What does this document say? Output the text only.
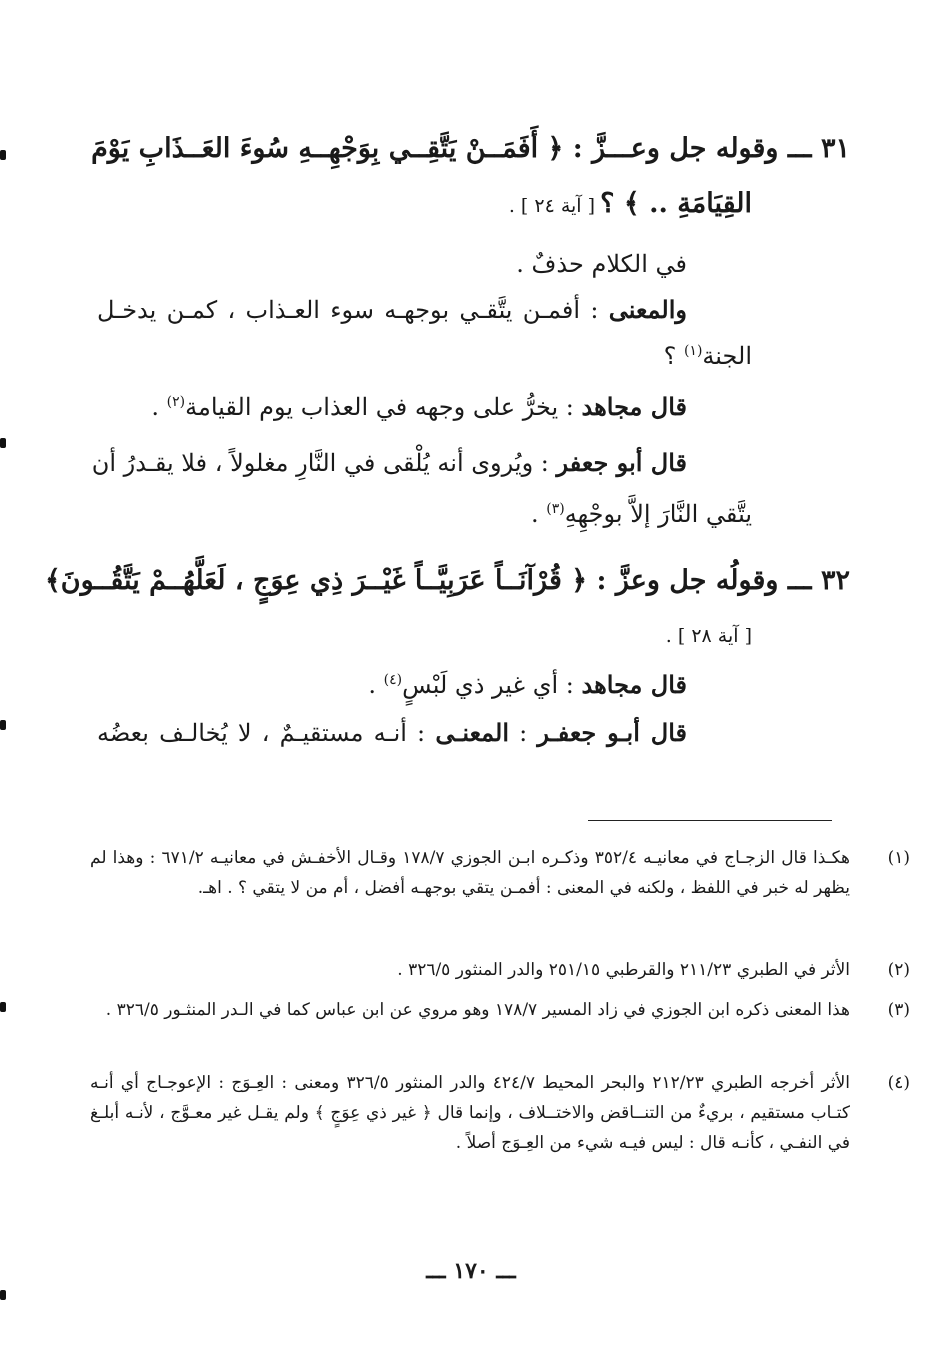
٣١ ـــ وقوله جل وعـــزَّ : ﴿ أَفَمَــنْ يَتَّقِــي بِوَجْهِــهِ سُوءَ العَــذَابِ يَوْمَ
القِيَامَةِ .. ﴾ ؟ [ آية ٢٤ ] .
في الكلام حذفٌ .
والمعنى : أفمـن يتَّقـي بوجهـه سوء العـذاب ، كمـن يدخـل
الجنة$^{(١)}$ ؟
قال مجاهد : يخرُّ على وجهه في العذاب يوم القيامة$^{(٢)}$ .
قال أبو جعفر : ويُروى أنه يُلْقى في النَّارِ مغلولاً ، فلا يقـدرُ أن
يتَّقي النَّارَ إلاَّ بوجْهِهِ$^{(٣)}$ .
٣٢ ـــ وقولُه جل وعزَّ : ﴿ قُرْآنَــاً عَرَبِيَّــاً غَيْــرَ ذِي عِوَجٍ ، لَعَلَّهُــمْ يَتَّقُــونَ﴾
[ آية ٢٨ ] .
قال مجاهد : أي غير ذي لَبْسٍ$^{(٤)}$ .
قال أبـو جعفـر : المعنـى : أنـه مستقيـمٌ ، لا يُخالـف بعضُه
(١)
هكـذا قال الزجـاج في معانيـه ٣٥٢/٤ وذكـره ابـن الجوزي ١٧٨/٧ وقـال الأخفـش في معانيـه ٦٧١/٢ : وهذا لم يظهر له خبر في اللفظ ، ولكنه في المعنى : أفمـن يتقي بوجهـه أفضل ، أم من لا يتقي ؟ . اهـ.
(٢)
الأثر في الطبري ٢١١/٢٣ والقرطبي ٢٥١/١٥ والدر المنثور ٣٢٦/٥ .
(٣)
هذا المعنى ذكره ابن الجوزي في زاد المسير ١٧٨/٧ وهو مروي عن ابن عباس كما في الـدر المنثـور ٣٢٦/٥ .
(٤)
الأثر أخرجه الطبري ٢١٢/٢٣ والبحر المحيط ٤٢٤/٧ والدر المنثور ٣٢٦/٥ ومعنى : العِـوَج : الإعوجـاج أي أنـه كتـاب مستقيم ، بريءٌ من التنــاقض والاختــلاف ، وإنما قال ﴿ غير ذي عِوَجٍ ﴾ ولم يقـل غير معـوَّج ، لأنـه أبلـغ في النفـي ، كأنـه قال : ليس فيـه شيء من العِـوَج أصلاً .
ـــ ١٧٠ ـــ
